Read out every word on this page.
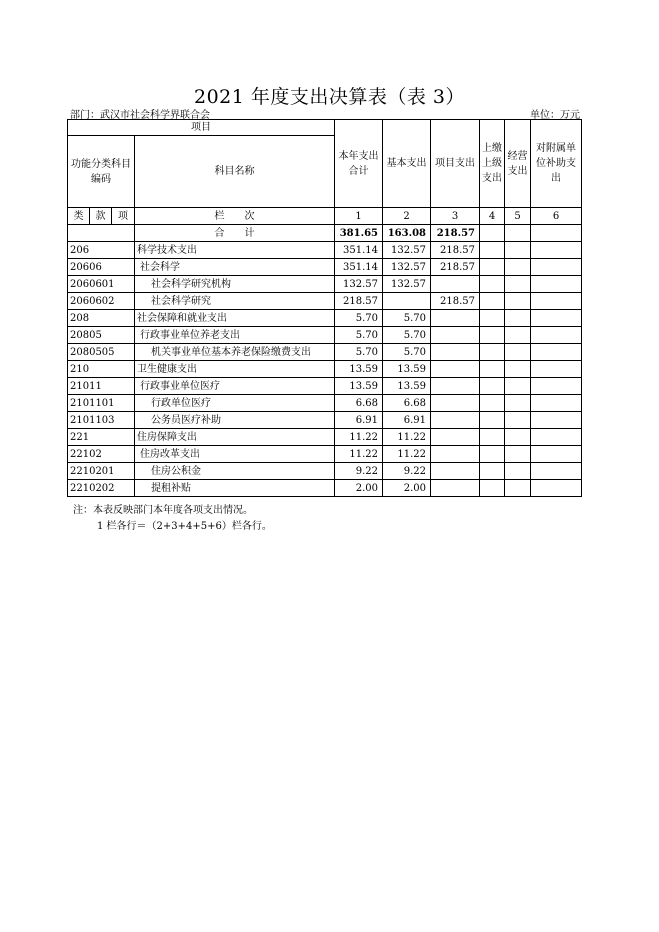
2021 年度支出决算表（表 3）
部门：武汉市社会科学界联合会	单位：万元
项目				本年支出合计	基本支出	项目支出	上缴上级支出	经营支出	对附属单位补助支出
功能分类科目编码			科目名称						
类	款	项	栏　　次	1	2	3	4	5	6
			合　　计	381.65	163.08	218.57			
206			科学技术支出	351.14	132.57	218.57			
20606			社会科学	351.14	132.57	218.57			
2060601			社会科学研究机构	132.57	132.57				
2060602			社会科学研究	218.57		218.57			
208			社会保障和就业支出	5.70	5.70				
20805			行政事业单位养老支出	5.70	5.70				
2080505			机关事业单位基本养老保险缴费支出	5.70	5.70				
210			卫生健康支出	13.59	13.59				
21011			行政事业单位医疗	13.59	13.59				
2101101			行政单位医疗	6.68	6.68				
2101103			公务员医疗补助	6.91	6.91				
221			住房保障支出	11.22	11.22				
22102			住房改革支出	11.22	11.22				
2210201			住房公积金	9.22	9.22				
2210202			提租补贴	2.00	2.00				
注：本表反映部门本年度各项支出情况。
1 栏各行＝（2+3+4+5+6）栏各行。
